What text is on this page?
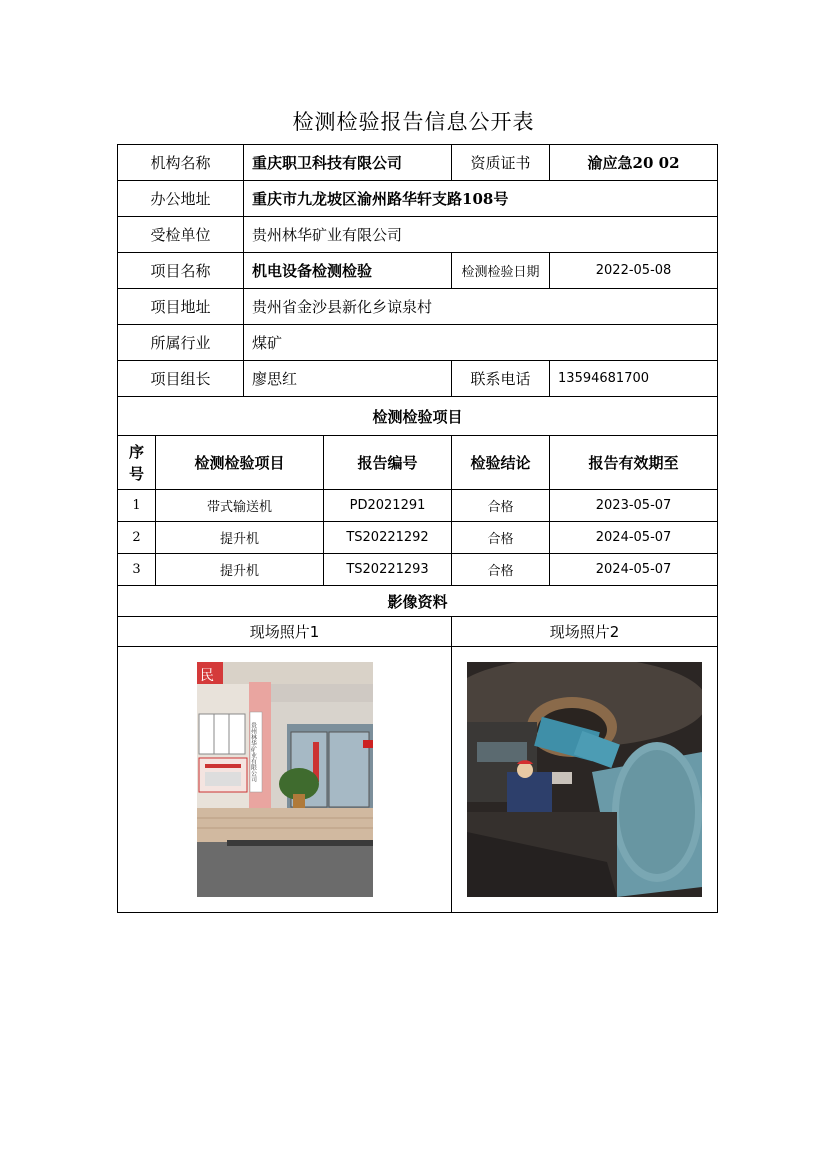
检测检验报告信息公开表
机构名称		重庆职卫科技有限公司		资质证书	渝应急20 02
办公地址		重庆市九龙坡区渝州路华轩支路108号			
受检单位		贵州林华矿业有限公司			
项目名称		机电设备检测检验		检测检验日期	2022-05-08
项目地址		贵州省金沙县新化乡谅泉村			
所属行业		煤矿			
项目组长		廖思红		联系电话	13594681700
检测检验项目					
序号	检测检验项目		报告编号	检验结论	报告有效期至
1	带式输送机		PD2021291	合格	2023-05-07
2	提升机		TS20221292	合格	2024-05-07
3	提升机		TS20221293	合格	2024-05-07
影像资料					
现场照片1				现场照片2	

民
贵州林华矿业有限公司
